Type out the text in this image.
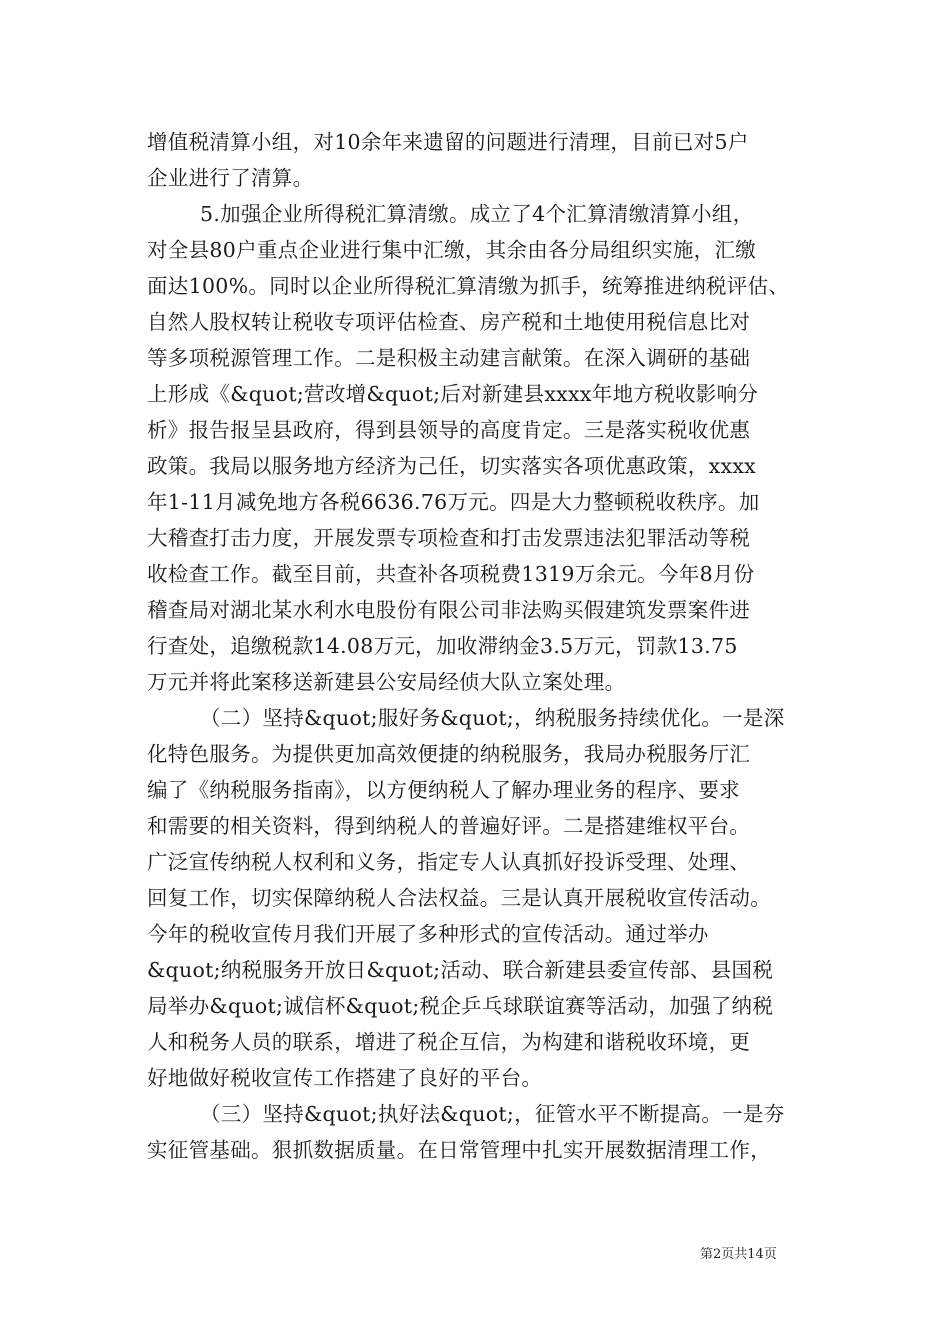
增值税清算小组，对10余年来遗留的问题进行清理，目前已对5户
企业进行了清算。
5.加强企业所得税汇算清缴。成立了4个汇算清缴清算小组，
对全县80户重点企业进行集中汇缴，其余由各分局组织实施，汇缴
面达100%。同时以企业所得税汇算清缴为抓手，统筹推进纳税评估、
自然人股权转让税收专项评估检查、房产税和土地使用税信息比对
等多项税源管理工作。二是积极主动建言献策。在深入调研的基础
上形成《&quot;营改增&quot;后对新建县xxxx年地方税收影响分
析》报告报呈县政府，得到县领导的高度肯定。三是落实税收优惠
政策。我局以服务地方经济为己任，切实落实各项优惠政策，xxxx
年1-11月减免地方各税6636.76万元。四是大力整顿税收秩序。加
大稽查打击力度，开展发票专项检查和打击发票违法犯罪活动等税
收检查工作。截至目前，共查补各项税费1319万余元。今年8月份
稽查局对湖北某水利水电股份有限公司非法购买假建筑发票案件进
行查处，追缴税款14.08万元，加收滞纳金3.5万元，罚款13.75
万元并将此案移送新建县公安局经侦大队立案处理。
（二）坚持&quot;服好务&quot;，纳税服务持续优化。一是深
化特色服务。为提供更加高效便捷的纳税服务，我局办税服务厅汇
编了《纳税服务指南》，以方便纳税人了解办理业务的程序、要求
和需要的相关资料，得到纳税人的普遍好评。二是搭建维权平台。
广泛宣传纳税人权利和义务，指定专人认真抓好投诉受理、处理、
回复工作，切实保障纳税人合法权益。三是认真开展税收宣传活动。
今年的税收宣传月我们开展了多种形式的宣传活动。通过举办
&quot;纳税服务开放日&quot;活动、联合新建县委宣传部、县国税
局举办&quot;诚信杯&quot;税企乒乓球联谊赛等活动，加强了纳税
人和税务人员的联系，增进了税企互信，为构建和谐税收环境，更
好地做好税收宣传工作搭建了良好的平台。
（三）坚持&quot;执好法&quot;，征管水平不断提高。一是夯
实征管基础。狠抓数据质量。在日常管理中扎实开展数据清理工作，
第2页共14页
